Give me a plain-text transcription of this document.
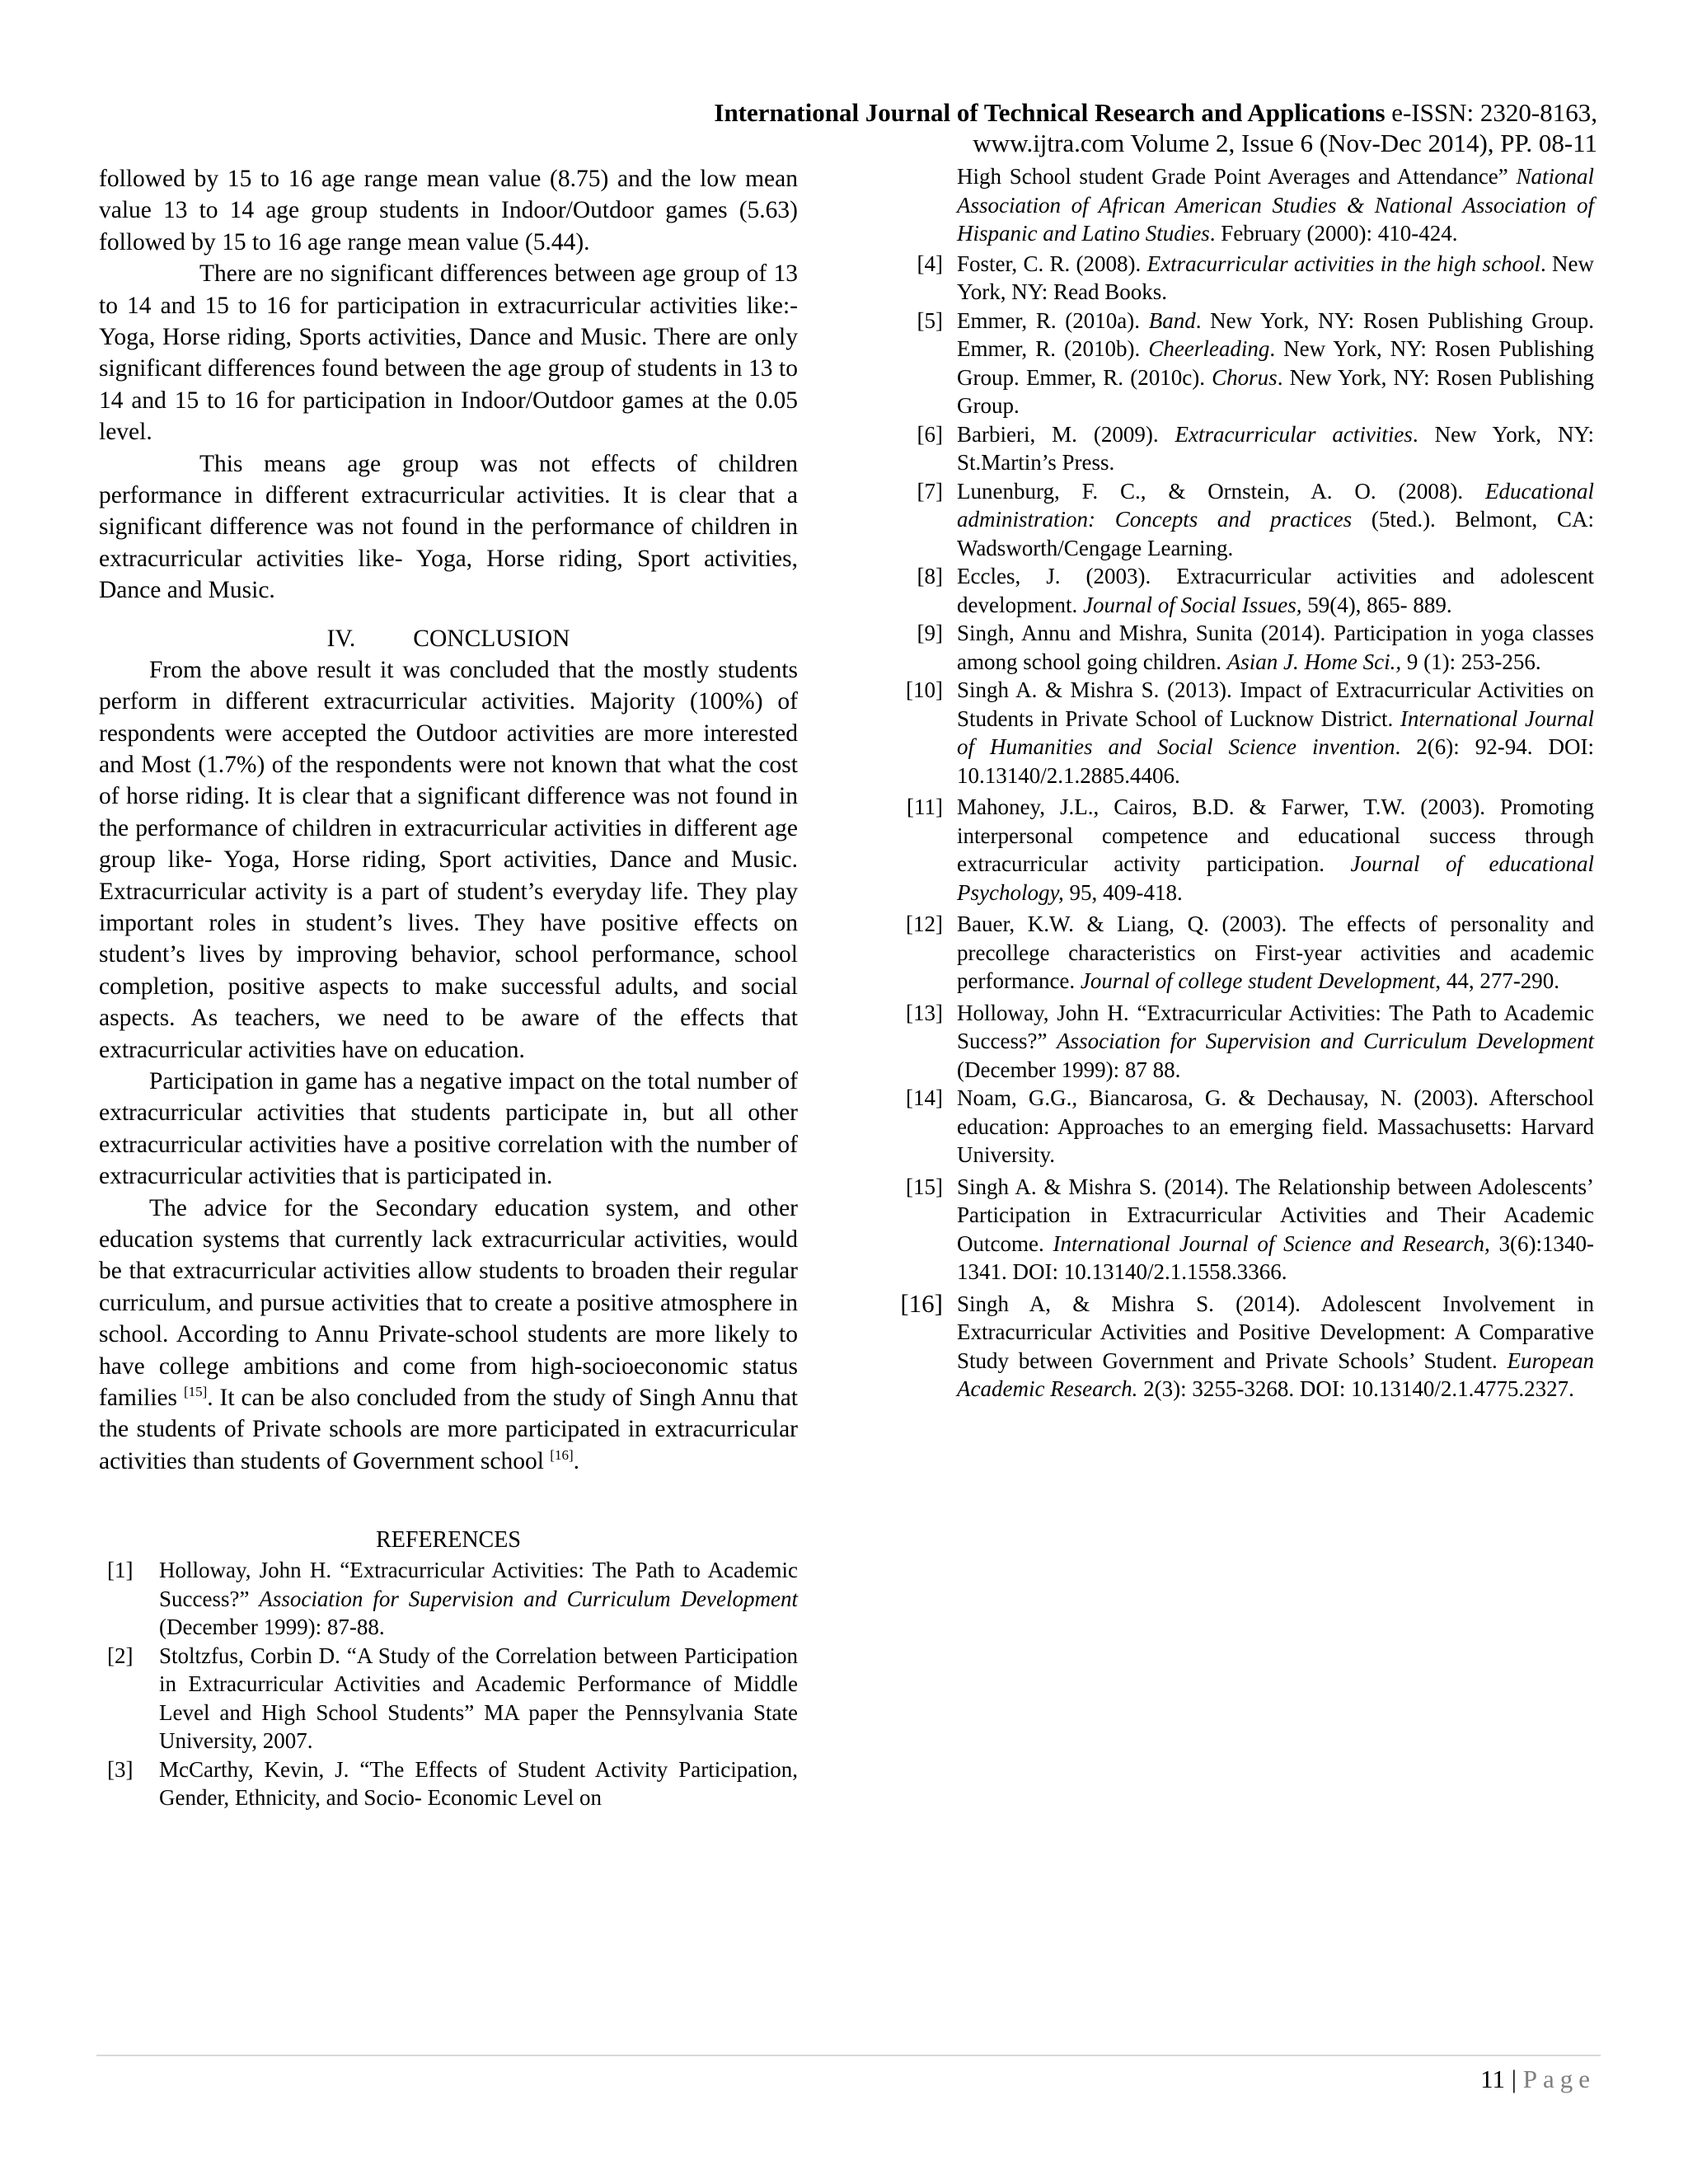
International Journal of Technical Research and Applications e-ISSN: 2320-8163,
www.ijtra.com Volume 2, Issue 6 (Nov-Dec 2014), PP. 08-11

followed by 15 to 16 age range mean value (8.75) and the low mean value 13 to 14 age group students in Indoor/Outdoor games (5.63) followed by 15 to 16 age range mean value (5.44).

There are no significant differences between age group of 13 to 14 and 15 to 16 for participation in extracurricular activities like:- Yoga, Horse riding, Sports activities, Dance and Music. There are only significant differences found between the age group of students in 13 to 14 and 15 to 16 for participation in Indoor/Outdoor games at the 0.05 level.

This means age group was not effects of children performance in different extracurricular activities. It is clear that a significant difference was not found in the performance of children in extracurricular activities like- Yoga, Horse riding, Sport activities, Dance and Music.

IV. CONCLUSION

From the above result it was concluded that the mostly students perform in different extracurricular activities. Majority (100%) of respondents were accepted the Outdoor activities are more interested and Most (1.7%) of the respondents were not known that what the cost of horse riding. It is clear that a significant difference was not found in the performance of children in extracurricular activities in different age group like- Yoga, Horse riding, Sport activities, Dance and Music. Extracurricular activity is a part of student’s everyday life. They play important roles in student’s lives. They have positive effects on student’s lives by improving behavior, school performance, school completion, positive aspects to make successful adults, and social aspects. As teachers, we need to be aware of the effects that extracurricular activities have on education.

Participation in game has a negative impact on the total number of extracurricular activities that students participate in, but all other extracurricular activities have a positive correlation with the number of extracurricular activities that is participated in.

The advice for the Secondary education system, and other education systems that currently lack extracurricular activities, would be that extracurricular activities allow students to broaden their regular curriculum, and pursue activities that to create a positive atmosphere in school. According to Annu Private-school students are more likely to have college ambitions and come from high-socioeconomic status families [15]. It can be also concluded from the study of Singh Annu that the students of Private schools are more participated in extracurricular activities than students of Government school [16].

REFERENCES
[1] Holloway, John H. “Extracurricular Activities: The Path to Academic Success?” Association for Supervision and Curriculum Development (December 1999): 87-88.
[2] Stoltzfus, Corbin D. “A Study of the Correlation between Participation in Extracurricular Activities and Academic Performance of Middle Level and High School Students” MA paper the Pennsylvania State University, 2007.
[3] McCarthy, Kevin, J. “The Effects of Student Activity Participation, Gender, Ethnicity, and Socio- Economic Level on
High School student Grade Point Averages and Attendance” National Association of African American Studies & National Association of Hispanic and Latino Studies. February (2000): 410-424.
[4] Foster, C. R. (2008). Extracurricular activities in the high school. New York, NY: Read Books.
[5] Emmer, R. (2010a). Band. New York, NY: Rosen Publishing Group. Emmer, R. (2010b). Cheerleading. New York, NY: Rosen Publishing Group. Emmer, R. (2010c). Chorus. New York, NY: Rosen Publishing Group.
[6] Barbieri, M. (2009). Extracurricular activities. New York, NY: St.Martin’s Press.
[7] Lunenburg, F. C., & Ornstein, A. O. (2008). Educational administration: Concepts and practices (5ted.). Belmont, CA: Wadsworth/Cengage Learning.
[8] Eccles, J. (2003). Extracurricular activities and adolescent development. Journal of Social Issues, 59(4), 865- 889.
[9] Singh, Annu and Mishra, Sunita (2014). Participation in yoga classes among school going children. Asian J. Home Sci., 9 (1): 253-256.
[10] Singh A. & Mishra S. (2013). Impact of Extracurricular Activities on Students in Private School of Lucknow District. International Journal of Humanities and Social Science invention. 2(6): 92-94. DOI: 10.13140/2.1.2885.4406.
[11] Mahoney, J.L., Cairos, B.D. & Farwer, T.W. (2003). Promoting interpersonal competence and educational success through extracurricular activity participation. Journal of educational Psychology, 95, 409-418.
[12] Bauer, K.W. & Liang, Q. (2003). The effects of personality and precollege characteristics on First-year activities and academic performance. Journal of college student Development, 44, 277-290.
[13] Holloway, John H. “Extracurricular Activities: The Path to Academic Success?” Association for Supervision and Curriculum Development (December 1999): 87 88.
[14] Noam, G.G., Biancarosa, G. & Dechausay, N. (2003). Afterschool education: Approaches to an emerging field. Massachusetts: Harvard University.
[15] Singh A. & Mishra S. (2014). The Relationship between Adolescents’ Participation in Extracurricular Activities and Their Academic Outcome. International Journal of Science and Research, 3(6):1340-1341. DOI: 10.13140/2.1.1558.3366.
[16] Singh A, & Mishra S. (2014). Adolescent Involvement in Extracurricular Activities and Positive Development: A Comparative Study between Government and Private Schools’ Student. European Academic Research. 2(3): 3255-3268. DOI: 10.13140/2.1.4775.2327.
11 | Page
